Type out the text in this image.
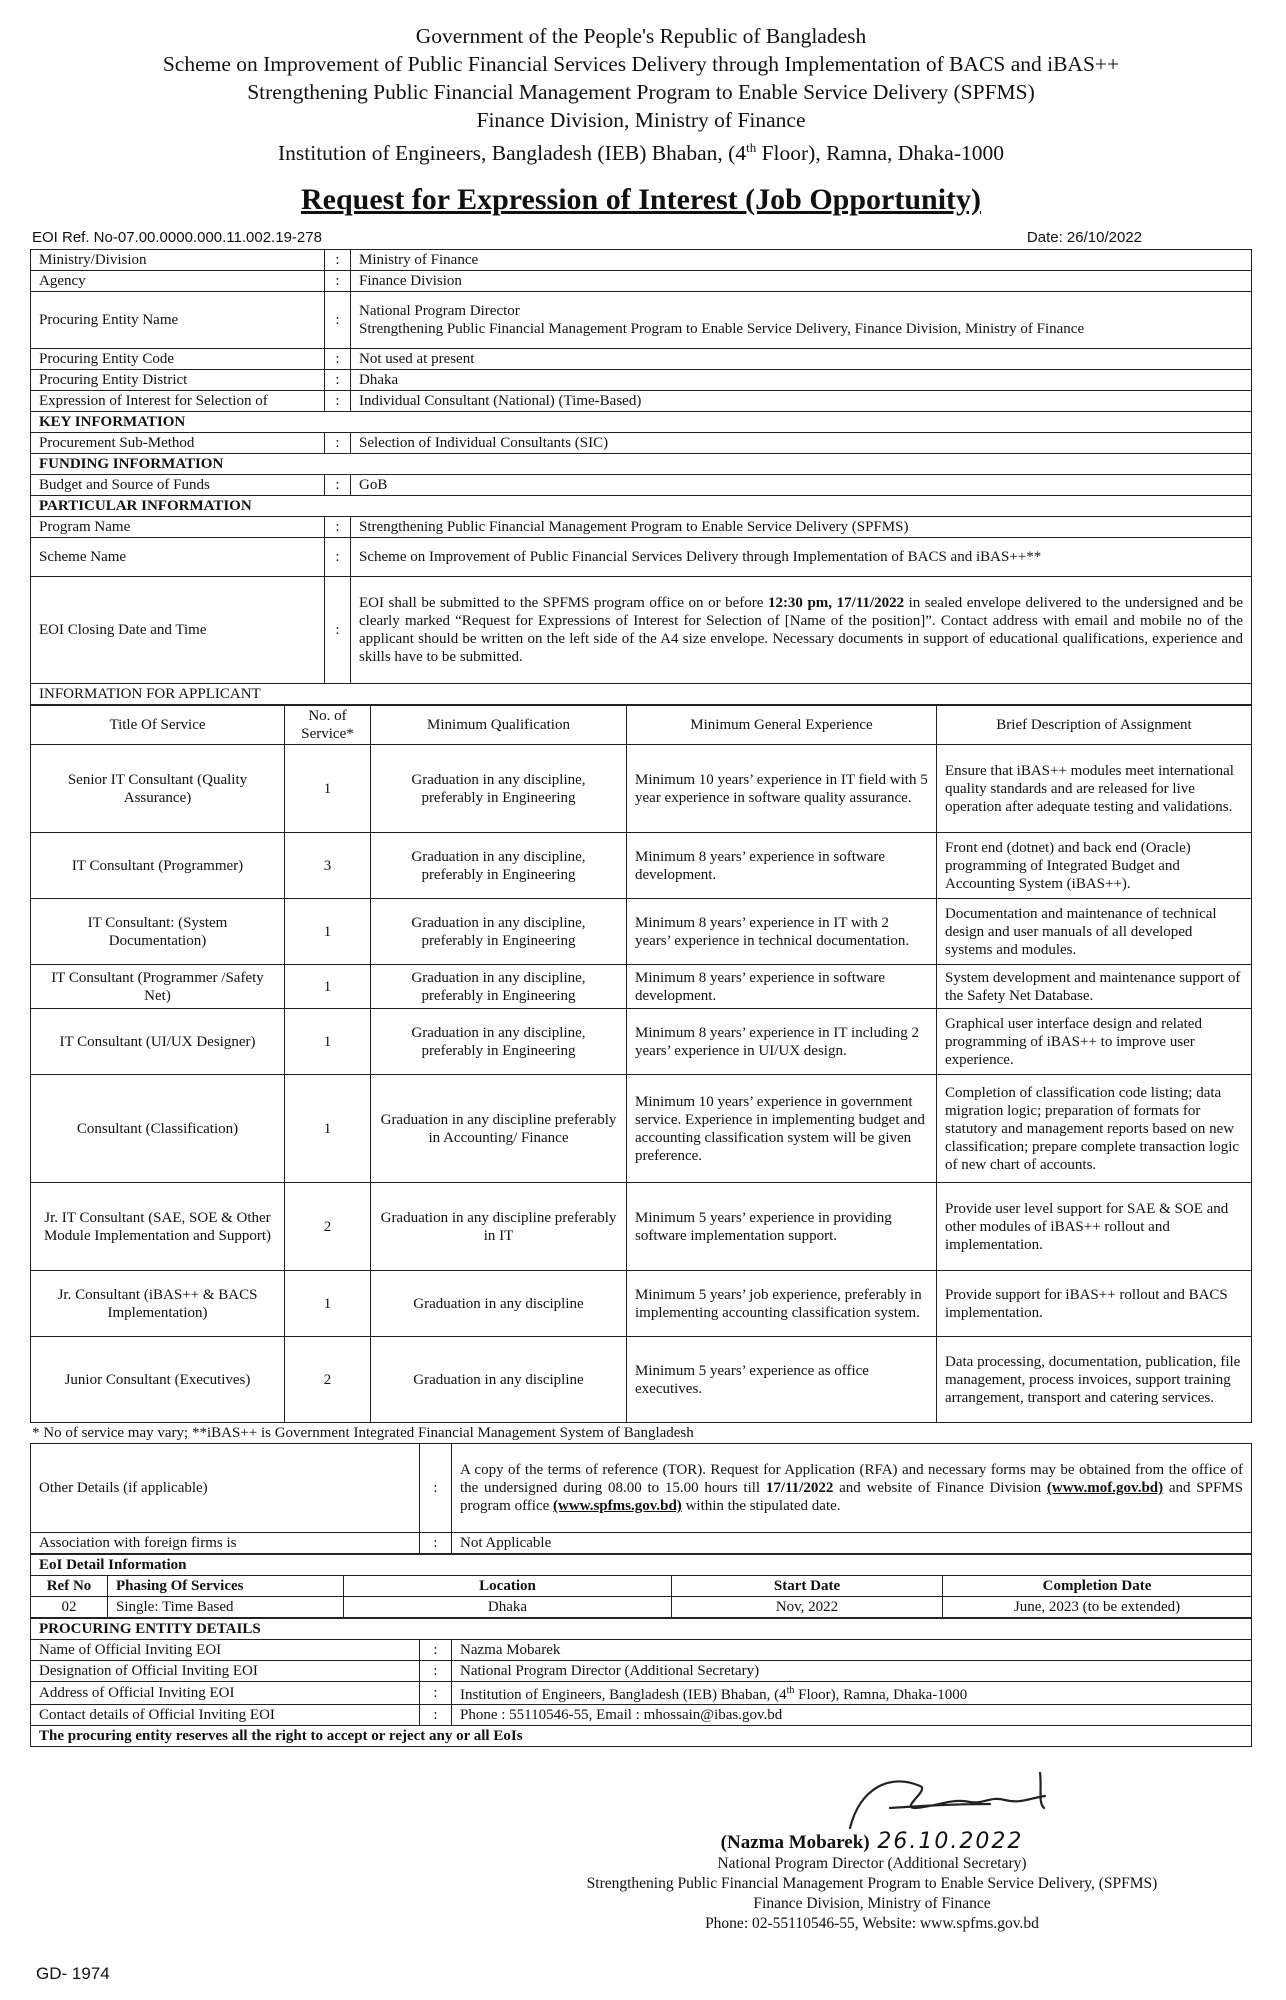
Government of the People's Republic of Bangladesh
Scheme on Improvement of Public Financial Services Delivery through Implementation of BACS and iBAS++
Strengthening Public Financial Management Program to Enable Service Delivery (SPFMS)
Finance Division, Ministry of Finance
Institution of Engineers, Bangladesh (IEB) Bhaban, (4th Floor), Ramna, Dhaka-1000
Request for Expression of Interest (Job Opportunity)
EOI Ref. No-07.00.0000.000.11.002.19-278	Date: 26/10/2022
Ministry/Division	:	Ministry of Finance
Agency	:	Finance Division
Procuring Entity Name	:	National Program Director
Strengthening Public Financial Management Program to Enable Service Delivery, Finance Division, Ministry of Finance

Procuring Entity Code	:	Not used at present
Procuring Entity District	:	Dhaka
Expression of Interest for Selection of	:	Individual Consultant (National) (Time-Based)
KEY INFORMATION		
Procurement Sub-Method	:	Selection of Individual Consultants (SIC)
FUNDING INFORMATION		
Budget and Source of Funds	:	GoB
PARTICULAR INFORMATION		
Program Name	:	Strengthening Public Financial Management Program to Enable Service Delivery (SPFMS)
Scheme Name	:	Scheme on Improvement of Public Financial Services Delivery through Implementation of BACS and iBAS++**
EOI Closing Date and Time	:	EOI shall be submitted to the SPFMS program office on or before 12:30 pm, 17/11/2022 in sealed envelope delivered to the undersigned and be clearly marked “Request for Expressions of Interest for Selection of [Name of the position]”. Contact address with email and mobile no of the applicant should be written on the left side of the A4 size envelope. Necessary documents in support of educational qualifications, experience and skills have to be submitted.
INFORMATION FOR APPLICANT		
Title Of Service	No. of Service*	Minimum Qualification	Minimum General Experience	Brief Description of Assignment
Senior IT Consultant (Quality Assurance)	1	Graduation in any discipline, preferably in Engineering	Minimum 10 years’ experience in IT field with 5 year experience in software quality assurance.	Ensure that iBAS++ modules meet international quality standards and are released for live operation after adequate testing and validations.
IT Consultant (Programmer)	3	Graduation in any discipline, preferably in Engineering	Minimum 8 years’ experience in software development.	Front end (dotnet) and back end (Oracle) programming of Integrated Budget and Accounting System (iBAS++).
IT Consultant: (System Documentation)	1	Graduation in any discipline, preferably in Engineering	Minimum 8 years’ experience in IT with 2 years’ experience in technical documentation.	Documentation and maintenance of technical design and user manuals of all developed systems and modules.
IT Consultant (Programmer /Safety Net)	1	Graduation in any discipline, preferably in Engineering	Minimum 8 years’ experience in software development.	System development and maintenance support of the Safety Net Database.
IT Consultant (UI/UX Designer)	1	Graduation in any discipline, preferably in Engineering	Minimum 8 years’ experience in IT including 2 years’ experience in UI/UX design.	Graphical user interface design and related programming of iBAS++ to improve user experience.
Consultant (Classification)	1	Graduation in any discipline preferably in Accounting/ Finance	Minimum 10 years’ experience in government service. Experience in implementing budget and accounting classification system will be given preference.	Completion of classification code listing; data migration logic; preparation of formats for statutory and management reports based on new classification; prepare complete transaction logic of new chart of accounts.
Jr. IT Consultant (SAE, SOE & Other Module Implementation and Support)	2	Graduation in any discipline preferably in IT	Minimum 5 years’ experience in providing software implementation support.	Provide user level support for SAE & SOE and other modules of iBAS++ rollout and implementation.
Jr. Consultant (iBAS++ & BACS Implementation)	1	Graduation in any discipline	Minimum 5 years’ job experience, preferably in implementing accounting classification system.	Provide support for iBAS++ rollout and BACS implementation.
Junior Consultant (Executives)	2	Graduation in any discipline	Minimum 5 years’ experience as office executives.	Data processing, documentation, publication, file management, process invoices, support training arrangement, transport and catering services.
* No of service may vary; **iBAS++ is Government Integrated Financial Management System of Bangladesh
Other Details (if applicable)	:	A copy of the terms of reference (TOR). Request for Application (RFA) and necessary forms may be obtained from the office of the undersigned during 08.00 to 15.00 hours till 17/11/2022 and website of Finance Division (www.mof.gov.bd) and SPFMS program office (www.spfms.gov.bd) within the stipulated date.
Association with foreign firms is	:	Not Applicable
EoI Detail Information				
Ref No	Phasing Of Services	Location	Start Date	Completion Date
02	Single: Time Based	Dhaka	Nov, 2022	June, 2023 (to be extended)
PROCURING ENTITY DETAILS		
Name of Official Inviting EOI	:	Nazma Mobarek
Designation of Official Inviting EOI	:	National Program Director (Additional Secretary)
Address of Official Inviting EOI	:	Institution of Engineers, Bangladesh (IEB) Bhaban, (4th Floor), Ramna, Dhaka-1000
Contact details of Official Inviting EOI	:	Phone : 55110546-55, Email : mhossain@ibas.gov.bd
The procuring entity reserves all the right to accept or reject any or all EoIs		
(Nazma Mobarek) 26.10.2022
National Program Director (Additional Secretary)
Strengthening Public Financial Management Program to Enable Service Delivery, (SPFMS)
Finance Division, Ministry of Finance
Phone: 02-55110546-55, Website: www.spfms.gov.bd
GD- 1974
